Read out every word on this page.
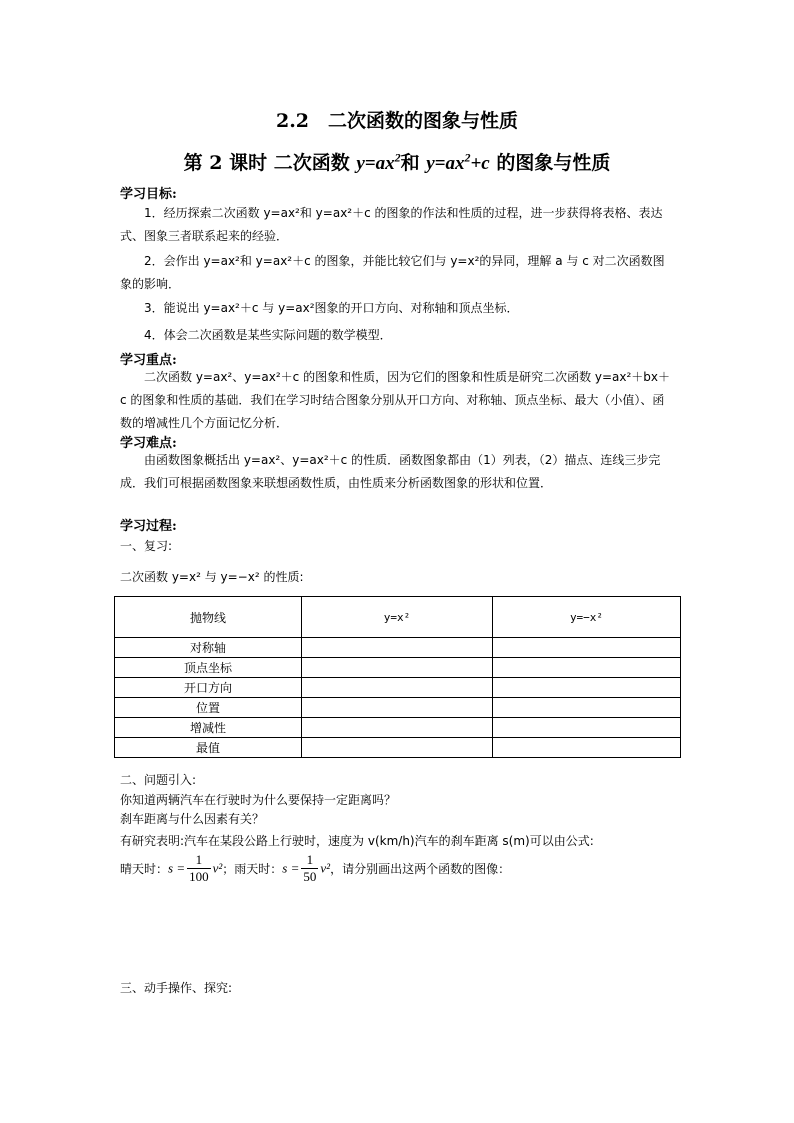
2.2　二次函数的图象与性质
第 2 课时 二次函数 $y=ax^2$和 $y=ax^2+c$ 的图象与性质
学习目标:
1．经历探索二次函数 y=ax²和 y=ax²＋c 的图象的作法和性质的过程，进一步获得将表格、表达式、图象三者联系起来的经验．
2．会作出 y=ax²和 y=ax²＋c 的图象，并能比较它们与 y=x²的异同，理解 a 与 c 对二次函数图象的影响．
3．能说出 y=ax²＋c 与 y=ax²图象的开口方向、对称轴和顶点坐标．
4．体会二次函数是某些实际问题的数学模型．
学习重点:
二次函数 y=ax²、y=ax²＋c 的图象和性质，因为它们的图象和性质是研究二次函数 y=ax²＋bx＋c 的图象和性质的基础．我们在学习时结合图象分别从开口方向、对称轴、顶点坐标、最大（小值）、函数的增减性几个方面记忆分析．
学习难点:
由函数图象概括出 y=ax²、y=ax²＋c 的性质．函数图象都由（1）列表，（2）描点、连线三步完成．我们可根据函数图象来联想函数性质，由性质来分析函数图象的形状和位置．
学习过程:
一、复习:
二次函数 y=x² 与 y=−x² 的性质:
抛物线	y=x²	y=−x²
对称轴		
顶点坐标		
开口方向		
位置		
增减性		
最值		
二、问题引入:
你知道两辆汽车在行驶时为什么要保持一定距离吗？
刹车距离与什么因素有关？
有研究表明:汽车在某段公路上行驶时，速度为 v(km/h)汽车的刹车距离 s(m)可以由公式:
晴天时：$s = \frac{1}{100} v^2$；雨天时：$s = \frac{1}{50} v^2$，请分别画出这两个函数的图像：
三、动手操作、探究:
